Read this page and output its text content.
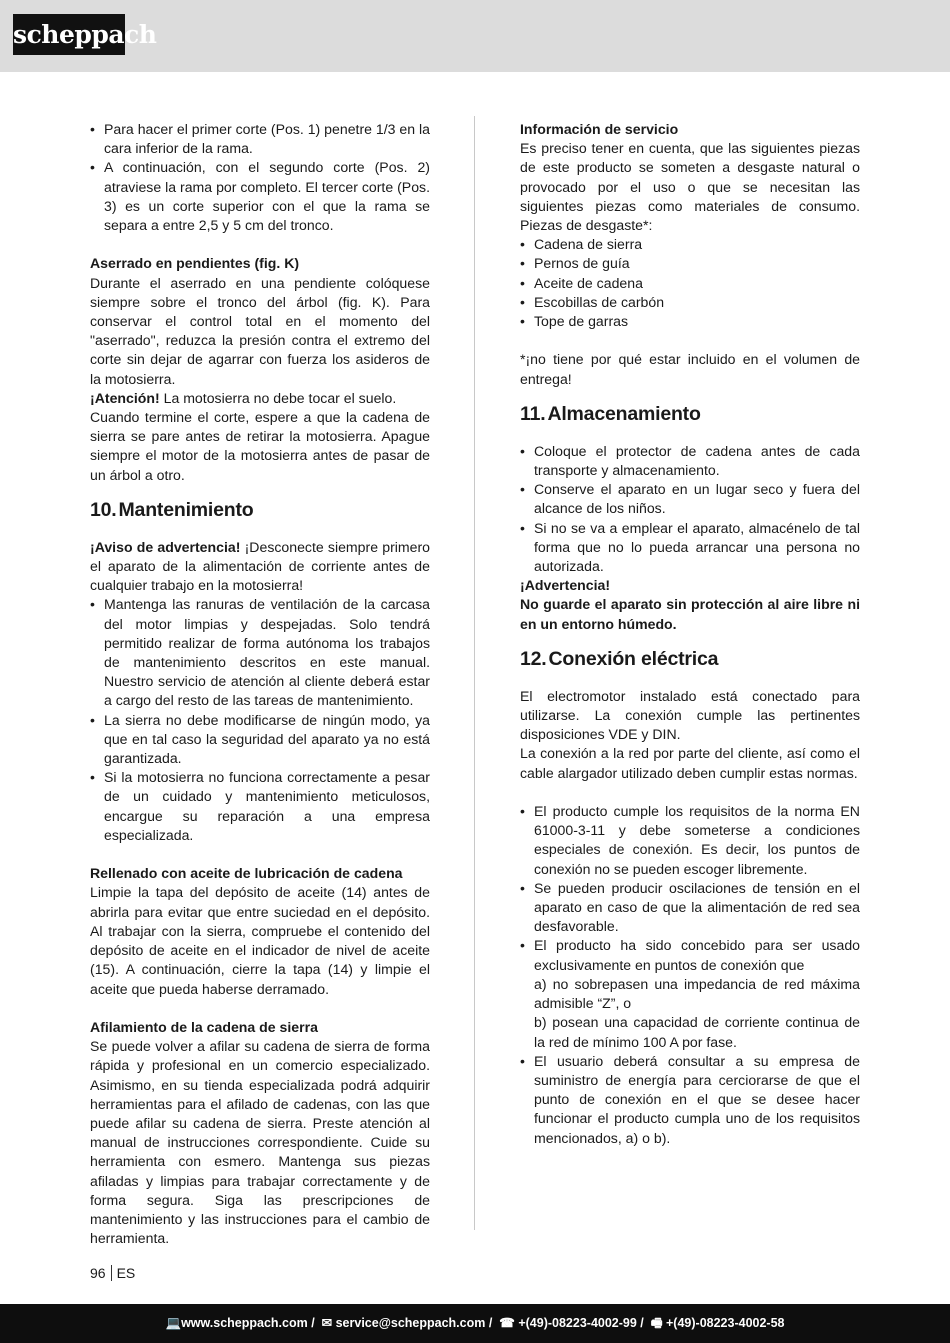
scheppach
• Para hacer el primer corte (Pos. 1) penetre 1/3 en la cara inferior de la rama.
• A continuación, con el segundo corte (Pos. 2) atraviese la rama por completo. El tercer corte (Pos. 3) es un corte superior con el que la rama se separa a entre 2,5 y 5 cm del tronco.

Aserrado en pendientes (fig. K)

Durante el aserrado en una pendiente colóquese siempre sobre el tronco del árbol (fig. K). Para conservar el control total en el momento del "aserrado", reduzca la presión contra el extremo del corte sin dejar de agarrar con fuerza los asideros de la motosierra.

¡Atención! La motosierra no debe tocar el suelo.

Cuando termine el corte, espere a que la cadena de sierra se pare antes de retirar la motosierra. Apague siempre el motor de la motosierra antes de pasar de un árbol a otro.

10. Mantenimiento

¡Aviso de advertencia! ¡Desconecte siempre primero el aparato de la alimentación de corriente antes de cualquier trabajo en la motosierra!

• Mantenga las ranuras de ventilación de la carcasa del motor limpias y despejadas. Solo tendrá permitido realizar de forma autónoma los trabajos de mantenimiento descritos en este manual. Nuestro servicio de atención al cliente deberá estar a cargo del resto de las tareas de mantenimiento.
• La sierra no debe modificarse de ningún modo, ya que en tal caso la seguridad del aparato ya no está garantizada.
• Si la motosierra no funciona correctamente a pesar de un cuidado y mantenimiento meticulosos, encargue su reparación a una empresa especializada.

Rellenado con aceite de lubricación de cadena

Limpie la tapa del depósito de aceite (14) antes de abrirla para evitar que entre suciedad en el depósito. Al trabajar con la sierra, compruebe el contenido del depósito de aceite en el indicador de nivel de aceite (15). A continuación, cierre la tapa (14) y limpie el aceite que pueda haberse derramado.

Afilamiento de la cadena de sierra

Se puede volver a afilar su cadena de sierra de forma rápida y profesional en un comercio especializado. Asimismo, en su tienda especializada podrá adquirir herramientas para el afilado de cadenas, con las que puede afilar su cadena de sierra. Preste atención al manual de instrucciones correspondiente. Cuide su herramienta con esmero. Mantenga sus piezas afiladas y limpias para trabajar correctamente y de forma segura. Siga las prescripciones de mantenimiento y las instrucciones para el cambio de herramienta.

Información de servicio

Es preciso tener en cuenta, que las siguientes piezas de este producto se someten a desgaste natural o provocado por el uso o que se necesitan las siguientes piezas como materiales de consumo. Piezas de desgaste*:

• Cadena de sierra
• Pernos de guía
• Aceite de cadena
• Escobillas de carbón
• Tope de garras

*¡no tiene por qué estar incluido en el volumen de entrega!

11. Almacenamiento
• Coloque el protector de cadena antes de cada transporte y almacenamiento.
• Conserve el aparato en un lugar seco y fuera del alcance de los niños.
• Si no se va a emplear el aparato, almacénelo de tal forma que no lo pueda arrancar una persona no autorizada.

¡Advertencia!

No guarde el aparato sin protección al aire libre ni en un entorno húmedo.

12. Conexión eléctrica

El electromotor instalado está conectado para utilizarse. La conexión cumple las pertinentes disposiciones VDE y DIN.

La conexión a la red por parte del cliente, así como el cable alargador utilizado deben cumplir estas normas.

• El producto cumple los requisitos de la norma EN 61000-3-11 y debe someterse a condiciones especiales de conexión. Es decir, los puntos de conexión no se pueden escoger libremente.
• Se pueden producir oscilaciones de tensión en el aparato en caso de que la alimentación de red sea desfavorable.
• El producto ha sido concebido para ser usado exclusivamente en puntos de conexión que
a) no sobrepasen una impedancia de red máxima admisible “Z”, o
b) posean una capacidad de corriente continua de la red de mínimo 100 A por fase.
• El usuario deberá consultar a su empresa de suministro de energía para cerciorarse de que el punto de conexión en el que se desee hacer funcionar el producto cumpla uno de los requisitos mencionados, a) o b).
96 ES
💻www.scheppach.com /  ✉ service@scheppach.com /  ☎ +(49)-08223-4002-99 /  🖷 +(49)-08223-4002-58
